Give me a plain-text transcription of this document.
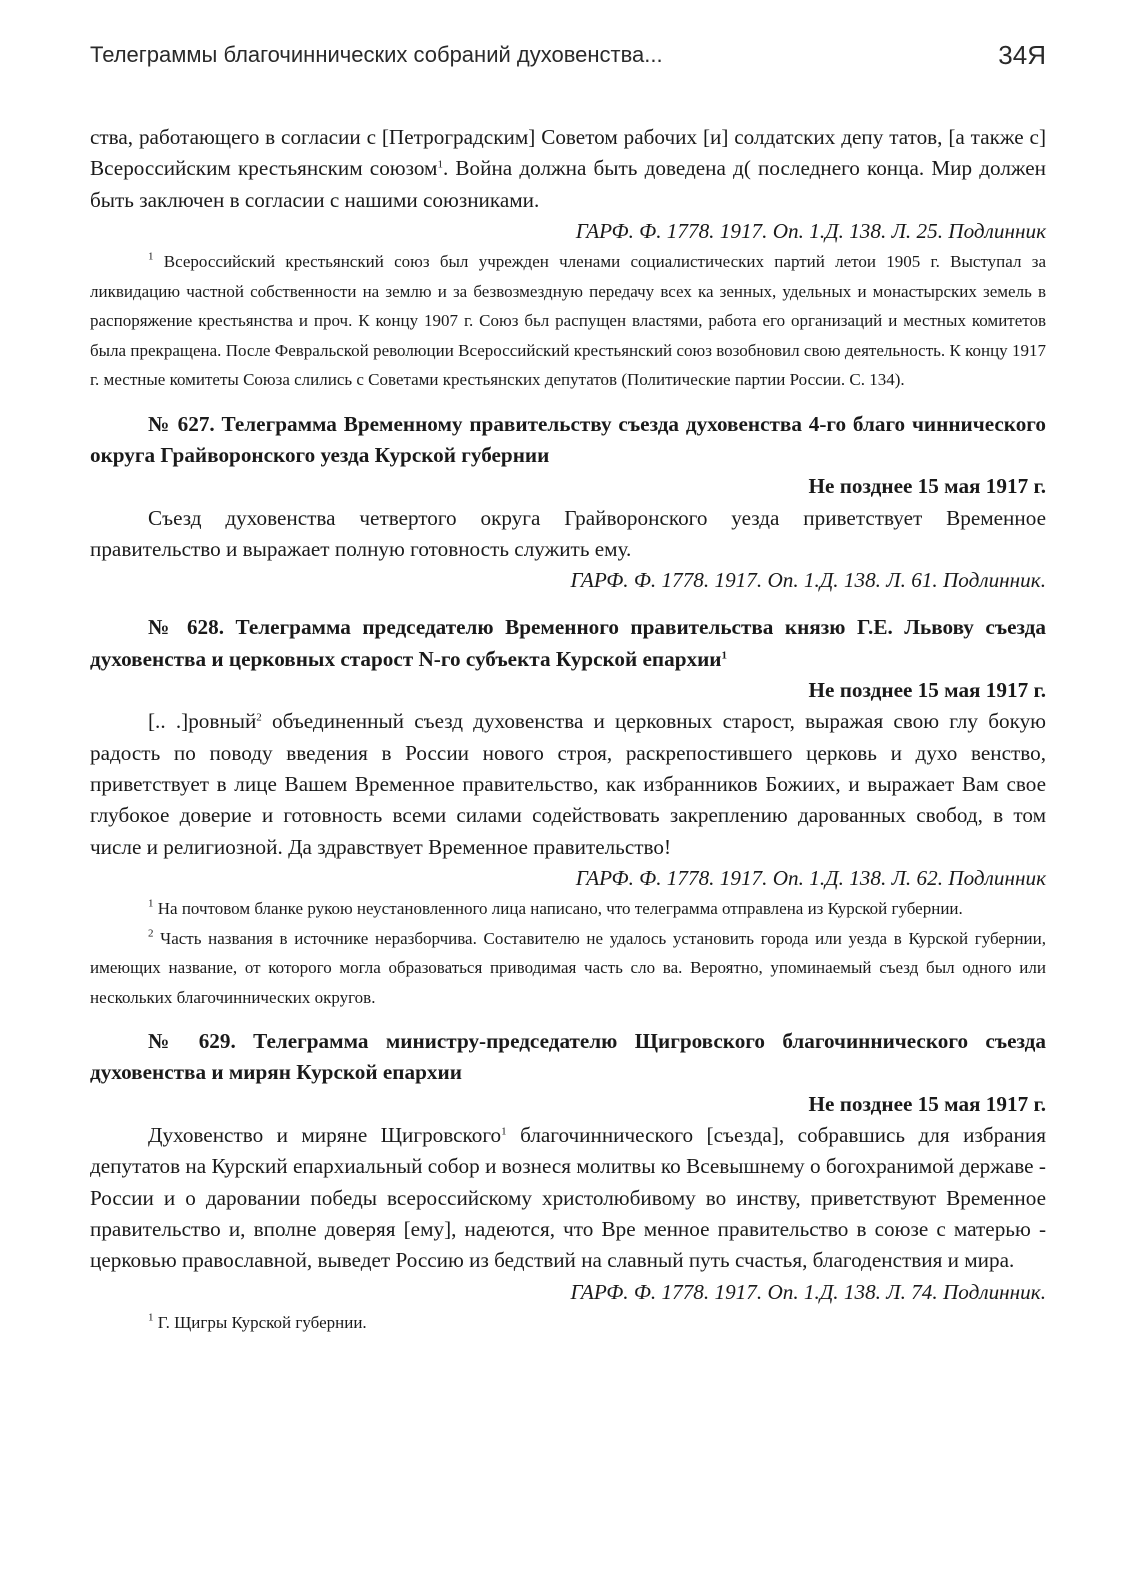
Телеграммы благочиннических собраний духовенства...	34Я

ства, работающего в согласии с [Петроградским] Советом рабочих [и] солдатских депу татов, [а также с] Всероссийским крестьянским союзом$^1$. Война должна быть доведена д( последнего конца. Мир должен быть заключен в согласии с нашими союзниками.

ГАРФ. Ф. 1778. 1917. Оп. 1.Д. 138. Л. 25. Подлинник

$^1$ Всероссийский крестьянский союз был учрежден членами социалистических партий летои 1905 г. Выступал за ликвидацию частной собственности на землю и за безвозмездную передачу всех ка зенных, удельных и монастырских земель в распоряжение крестьянства и проч. К концу 1907 г. Союз бьл распущен властями, работа его организаций и местных комитетов была прекращена. После Февральской революции Всероссийский крестьянский союз возобновил свою деятельность. К концу 1917 г. местные комитеты Союза слились с Советами крестьянских депутатов (Политические партии России. С. 134).

№ 627. Телеграмма Временному правительству съезда духовенства 4-го благо чиннического округа Грайворонского уезда Курской губернии

Не позднее 15 мая 1917 г.

Съезд духовенства четвертого округа Грайворонского уезда приветствует Временное правительство и выражает полную готовность служить ему.

ГАРФ. Ф. 1778. 1917. Оп. 1.Д. 138. Л. 61. Подлинник.

№ 628. Телеграмма председателю Временного правительства князю Г.Е. Львову съезда духовенства и церковных старост N-го субъекта Курской епархии$^1$

Не позднее 15 мая 1917 г.

[.. .]ровный$^2$ объединенный съезд духовенства и церковных старост, выражая свою глу бокую радость по поводу введения в России нового строя, раскрепостившего церковь и духо венство, приветствует в лице Вашем Временное правительство, как избранников Божиих, и выражает Вам свое глубокое доверие и готовность всеми силами содействовать закреплению дарованных свобод, в том числе и религиозной. Да здравствует Временное правительство!

ГАРФ. Ф. 1778. 1917. Оп. 1.Д. 138. Л. 62. Подлинник

$^1$ На почтовом бланке рукою неустановленного лица написано, что телеграмма отправлена из Курской губернии.

$^2$ Часть названия в источнике неразборчива. Составителю не удалось установить города или уезда в Курской губернии, имеющих название, от которого могла образоваться приводимая часть сло ва. Вероятно, упоминаемый съезд был одного или нескольких благочиннических округов.

№ 629. Телеграмма министру-председателю Щигровского благочиннического съезда духовенства и мирян Курской епархии

Не позднее 15 мая 1917 г.

Духовенство и миряне Щигровского$^1$ благочиннического [съезда], собравшись для избрания депутатов на Курский епархиальный собор и вознеся молитвы ко Всевышнему о богохранимой державе - России и о даровании победы всероссийскому христолюбивому во инству, приветствуют Временное правительство и, вполне доверяя [ему], надеются, что Вре менное правительство в союзе с матерью - церковью православной, выведет Россию из бедствий на славный путь счастья, благоденствия и мира.

ГАРФ. Ф. 1778. 1917. Оп. 1.Д. 138. Л. 74. Подлинник.

$^1$ Г. Щигры Курской губернии.
